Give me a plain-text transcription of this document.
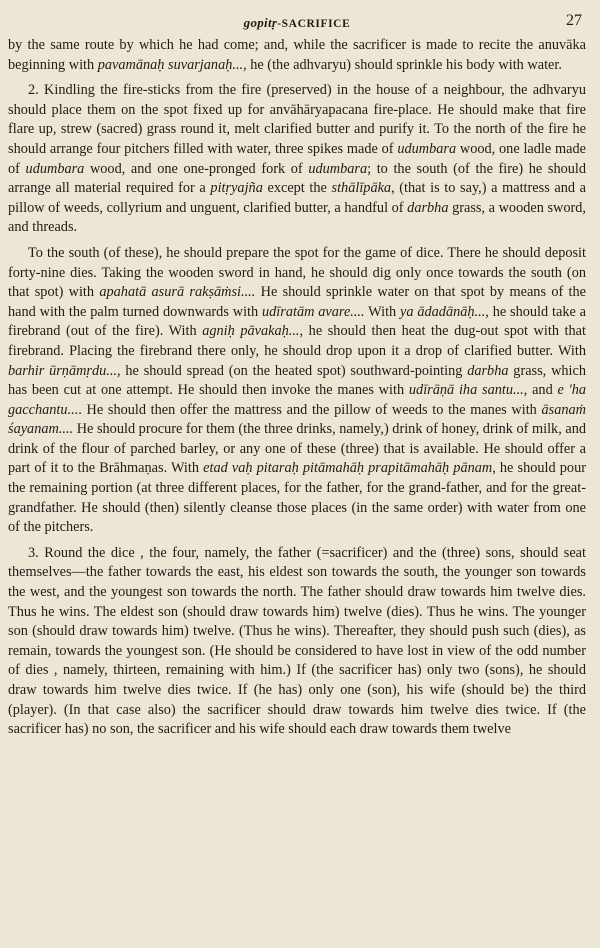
gopitṛ-SACRIFICE	27

by the same route by which he had come; and, while the sacrificer is made to recite the anuvāka beginning with pavamānaḥ suvarjanaḥ..., he (the adhvaryu) should sprinkle his body with water.

2. Kindling the fire-sticks from the fire (preserved) in the house of a neighbour, the adhvaryu should place them on the spot fixed up for anvāhāryapacana fire-place. He should make that fire flare up, strew (sacred) grass round it, melt clarified butter and purify it. To the north of the fire he should arrange four pitchers filled with water, three spikes made of udumbara wood, one ladle made of udumbara wood, and one one-pronged fork of udumbara; to the south (of the fire) he should arrange all material required for a pitṛyajña except the sthālīpāka, (that is to say,) a mattress and a pillow of weeds, collyrium and unguent, clarified butter, a handful of darbha grass, a wooden sword, and threads.

To the south (of these), he should prepare the spot for the game of dice. There he should deposit forty-nine dies. Taking the wooden sword in hand, he should dig only once towards the south (on that spot) with apahatā asurā rakṣāṁsi.... He should sprinkle water on that spot by means of the hand with the palm turned downwards with udīratām avare.... With ya ādadānāḥ..., he should take a firebrand (out of the fire). With agniḥ pāvakaḥ..., he should then heat the dug-out spot with that firebrand. Placing the firebrand there only, he should drop upon it a drop of clarified butter. With barhir ūrṇāmṛdu..., he should spread (on the heated spot) southward-pointing darbha grass, which has been cut at one attempt. He should then invoke the manes with udīrāṇā iha santu..., and e 'ha gacchantu.... He should then offer the mattress and the pillow of weeds to the manes with āsanaṁ śayanam.... He should procure for them (the three drinks, namely,) drink of honey, drink of milk, and drink of the flour of parched barley, or any one of these (three) that is available. He should offer a part of it to the Brāhmaṇas. With etad vaḥ pitaraḥ pitāmahāḥ prapitāmahāḥ pānam, he should pour the remaining portion (at three different places, for the father, for the grand-father, and for the great-grandfather. He should (then) silently cleanse those places (in the same order) with water from one of the pitchers.

3. Round the dice , the four, namely, the father (=sacrificer) and the (three) sons, should seat themselves—the father towards the east, his eldest son towards the south, the younger son towards the west, and the youngest son towards the north. The father should draw towards him twelve dies. Thus he wins. The eldest son (should draw towards him) twelve (dies). Thus he wins. The younger son (should draw towards him) twelve. (Thus he wins). Thereafter, they should push such (dies), as remain, towards the youngest son. (He should be considered to have lost in view of the odd number of dies , namely, thirteen, remaining with him.) If (the sacrificer has) only two (sons), he should draw towards him twelve dies twice. If (he has) only one (son), his wife (should be) the third (player). (In that case also) the sacrificer should draw towards him twelve dies twice. If (the sacrificer has) no son, the sacrificer and his wife should each draw towards them twelve
